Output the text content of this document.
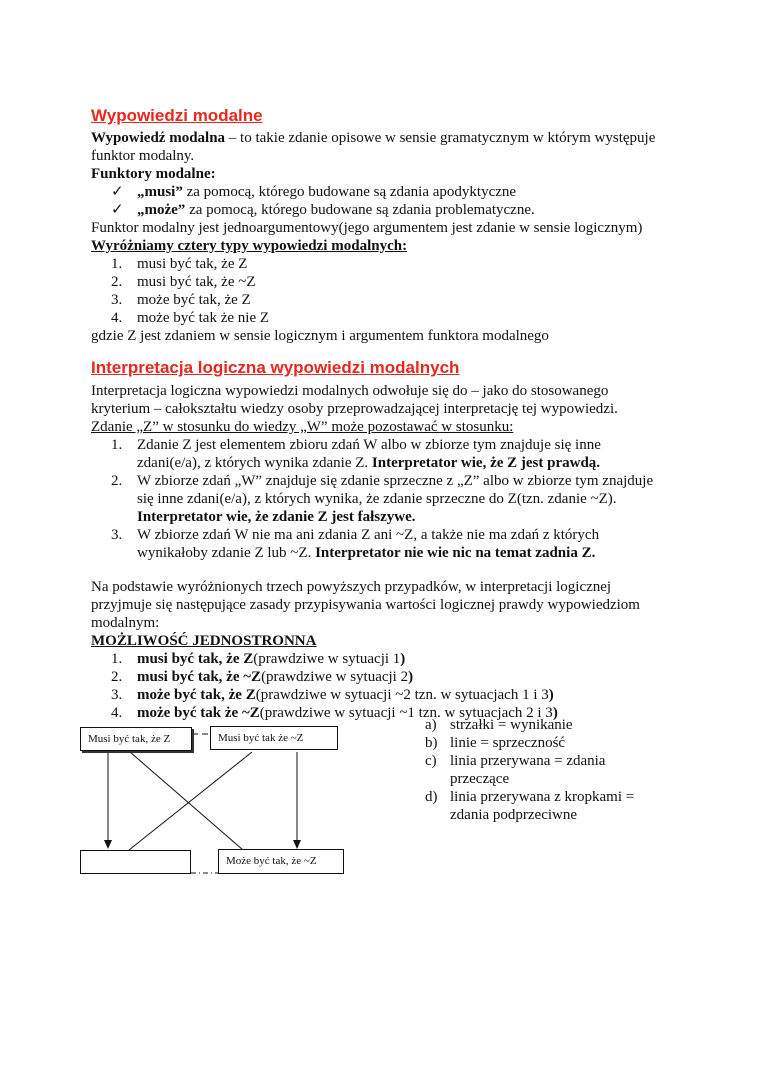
Wypowiedzi modalne
Wypowiedź modalna – to takie zdanie opisowe w sensie gramatycznym w którym występuje
funktor modalny.
Funktory modalne:
✓ „musi” za pomocą, którego budowane są zdania apodyktyczne
✓ „może” za pomocą, którego budowane są zdania problematyczne.
Funktor modalny jest jednoargumentowy(jego argumentem jest zdanie w sensie logicznym)
Wyróżniamy cztery typy wypowiedzi modalnych:
1. musi być tak, że Z
2. musi być tak, że ~Z
3. może być tak, że Z
4. może być tak że nie Z
gdzie Z jest zdaniem w sensie logicznym i argumentem funktora modalnego
Interpretacja logiczna wypowiedzi modalnych
Interpretacja logiczna wypowiedzi modalnych odwołuje się do – jako do stosowanego
kryterium – całokształtu wiedzy osoby przeprowadzającej interpretację tej wypowiedzi.
Zdanie „Z” w stosunku do wiedzy „W” może pozostawać w stosunku:
1. Zdanie Z jest elementem zbioru zdań W albo w zbiorze tym znajduje się inne
zdani(e/a), z których wynika zdanie Z. Interpretator wie, że Z jest prawdą.
2. W zbiorze zdań „W” znajduje się zdanie sprzeczne z „Z” albo w zbiorze tym znajduje
się inne zdani(e/a), z których wynika, że zdanie sprzeczne do Z(tzn. zdanie ~Z).
Interpretator wie, że zdanie Z jest fałszywe.
3. W zbiorze zdań W nie ma ani zdania Z ani ~Z, a także nie ma zdań z których
wynikałoby zdanie Z lub ~Z. Interpretator nie wie nic na temat zadnia Z.
Na podstawie wyróżnionych trzech powyższych przypadków, w interpretacji logicznej
przyjmuje się następujące zasady przypisywania wartości logicznej prawdy wypowiedziom
modalnym:
MOŻLIWOŚĆ JEDNOSTRONNA
1. musi być tak, że Z(prawdziwe w sytuacji 1)
2. musi być tak, że ~Z(prawdziwe w sytuacji 2)
3. może być tak, że Z(prawdziwe w sytuacji ~2 tzn. w sytuacjach 1 i 3)
4. może być tak że ~Z(prawdziwe w sytuacji ~1 tzn. w sytuacjach 2 i 3)
Musi być tak, że Z	Musi być tak że ~Z
Może być tak, że ~Z
a) strzałki = wynikanie
b) linie = sprzeczność
c) linia przerywana = zdania
przeczące
d) linia przerywana z kropkami =
zdania podprzeciwne
